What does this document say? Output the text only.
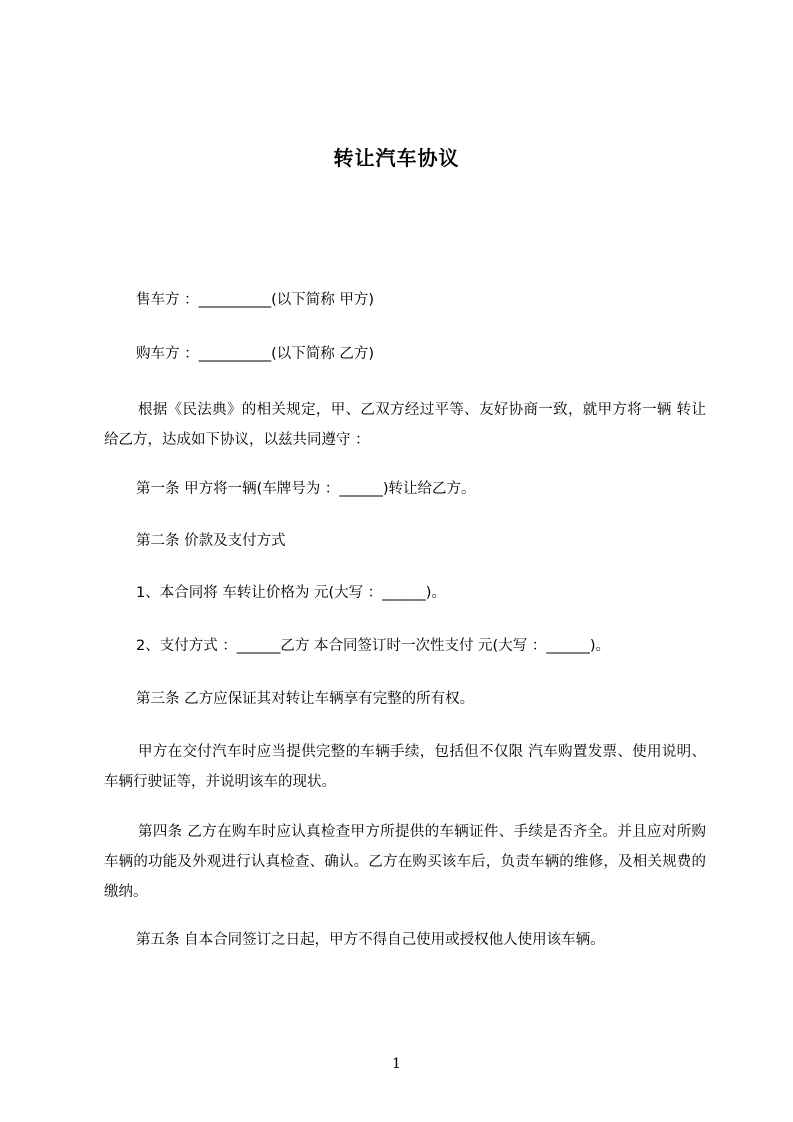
转让汽车协议
售车方 ：__________(以下简称 甲方)
购车方 ：__________(以下简称 乙方)
根据《民法典》的相关规定，甲、乙双方经过平等、友好协商一致，就甲方将一辆 转让给乙方，达成如下协议，以兹共同遵守 ：
第一条 甲方将一辆(车牌号为 ：______)转让给乙方。
第二条 价款及支付方式
1、本合同将 车转让价格为 元(大写 ：______)。
2、支付方式 ：______乙方 本合同签订时一次性支付 元(大写 ：______)。
第三条 乙方应保证其对转让车辆享有完整的所有权。
甲方在交付汽车时应当提供完整的车辆手续，包括但不仅限 汽车购置发票、使用说明、车辆行驶证等，并说明该车的现状。
第四条 乙方在购车时应认真检查甲方所提供的车辆证件、手续是否齐全。并且应对所购车辆的功能及外观进行认真检查、确认。乙方在购买该车后，负责车辆的维修，及相关规费的缴纳。
第五条 自本合同签订之日起，甲方不得自己使用或授权他人使用该车辆。
1
